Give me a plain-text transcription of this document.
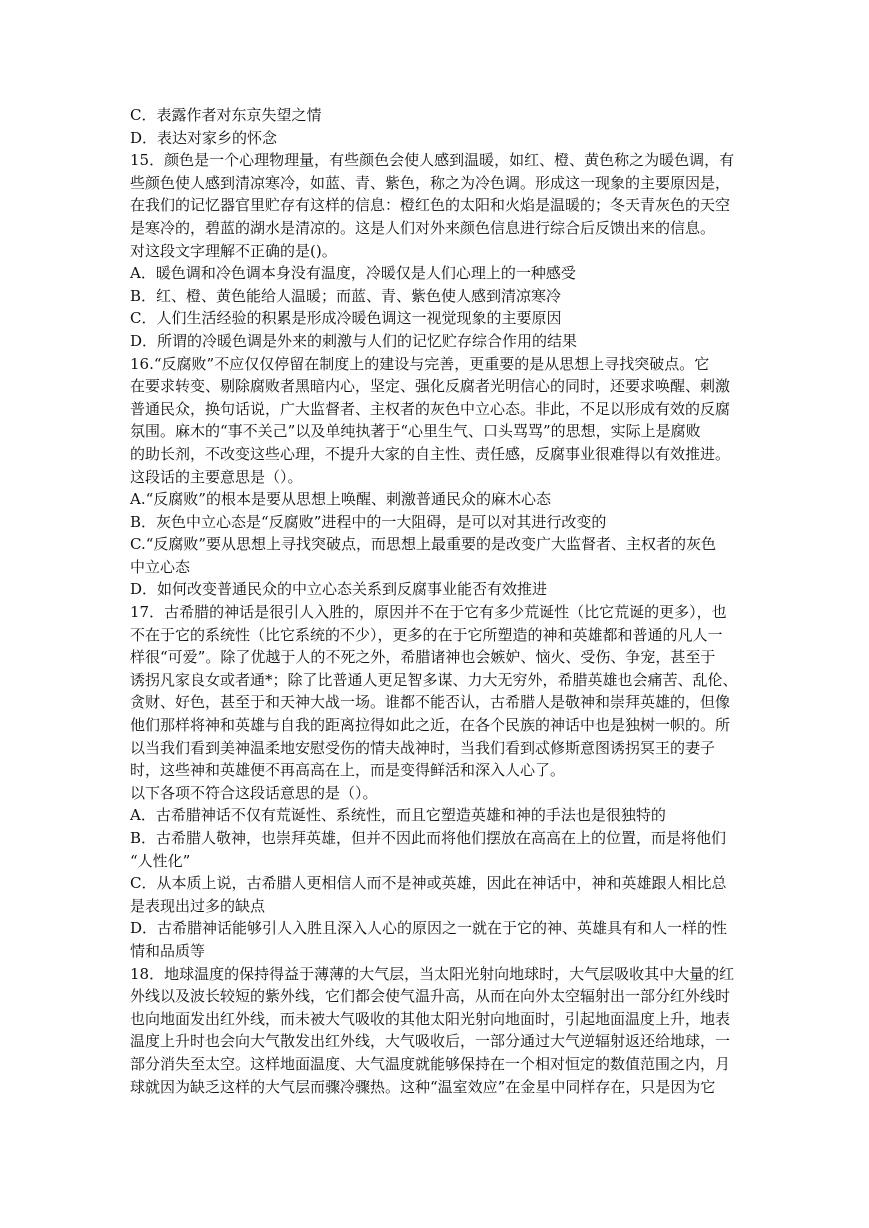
C．表露作者对东京失望之情
D．表达对家乡的怀念
15．颜色是一个心理物理量，有些颜色会使人感到温暖，如红、橙、黄色称之为暖色调，有
些颜色使人感到清凉寒冷，如蓝、青、紫色，称之为冷色调。形成这一现象的主要原因是，
在我们的记忆器官里贮存有这样的信息：橙红色的太阳和火焰是温暖的；冬天青灰色的天空
是寒冷的，碧蓝的湖水是清凉的。这是人们对外来颜色信息进行综合后反馈出来的信息。
对这段文字理解不正确的是()。
A．暖色调和冷色调本身没有温度，冷暖仅是人们心理上的一种感受
B．红、橙、黄色能给人温暖；而蓝、青、紫色使人感到清凉寒冷
C．人们生活经验的积累是形成冷暖色调这一视觉现象的主要原因
D．所谓的冷暖色调是外来的刺激与人们的记忆贮存综合作用的结果
16.“反腐败”不应仅仅停留在制度上的建设与完善，更重要的是从思想上寻找突破点。它
在要求转变、剔除腐败者黑暗内心，坚定、强化反腐者光明信心的同时，还要求唤醒、刺激
普通民众，换句话说，广大监督者、主权者的灰色中立心态。非此，不足以形成有效的反腐
氛围。麻木的“事不关己”以及单纯执著于“心里生气、口头骂骂”的思想，实际上是腐败
的助长剂，不改变这些心理，不提升大家的自主性、责任感，反腐事业很难得以有效推进。
这段话的主要意思是（）。
A.“反腐败”的根本是要从思想上唤醒、刺激普通民众的麻木心态
B．灰色中立心态是“反腐败”进程中的一大阻碍，是可以对其进行改变的
C.“反腐败”要从思想上寻找突破点，而思想上最重要的是改变广大监督者、主权者的灰色
中立心态
D．如何改变普通民众的中立心态关系到反腐事业能否有效推进
17．古希腊的神话是很引人入胜的，原因并不在于它有多少荒诞性（比它荒诞的更多），也
不在于它的系统性（比它系统的不少），更多的在于它所塑造的神和英雄都和普通的凡人一
样很“可爱”。除了优越于人的不死之外，希腊诸神也会嫉妒、恼火、受伤、争宠，甚至于
诱拐凡家良女或者通*；除了比普通人更足智多谋、力大无穷外，希腊英雄也会痛苦、乱伦、
贪财、好色，甚至于和天神大战一场。谁都不能否认，古希腊人是敬神和崇拜英雄的，但像
他们那样将神和英雄与自我的距离拉得如此之近，在各个民族的神话中也是独树一帜的。所
以当我们看到美神温柔地安慰受伤的情夫战神时，当我们看到忒修斯意图诱拐冥王的妻子
时，这些神和英雄便不再高高在上，而是变得鲜活和深入人心了。
以下各项不符合这段话意思的是（）。
A．古希腊神话不仅有荒诞性、系统性，而且它塑造英雄和神的手法也是很独特的
B．古希腊人敬神，也崇拜英雄，但并不因此而将他们摆放在高高在上的位置，而是将他们
“人性化”
C．从本质上说，古希腊人更相信人而不是神或英雄，因此在神话中，神和英雄跟人相比总
是表现出过多的缺点
D．古希腊神话能够引人入胜且深入人心的原因之一就在于它的神、英雄具有和人一样的性
情和品质等
18．地球温度的保持得益于薄薄的大气层，当太阳光射向地球时，大气层吸收其中大量的红
外线以及波长较短的紫外线，它们都会使气温升高，从而在向外太空辐射出一部分红外线时
也向地面发出红外线，而未被大气吸收的其他太阳光射向地面时，引起地面温度上升，地表
温度上升时也会向大气散发出红外线，大气吸收后，一部分通过大气逆辐射返还给地球，一
部分消失至太空。这样地面温度、大气温度就能够保持在一个相对恒定的数值范围之内，月
球就因为缺乏这样的大气层而骤冷骤热。这种“温室效应”在金星中同样存在，只是因为它
